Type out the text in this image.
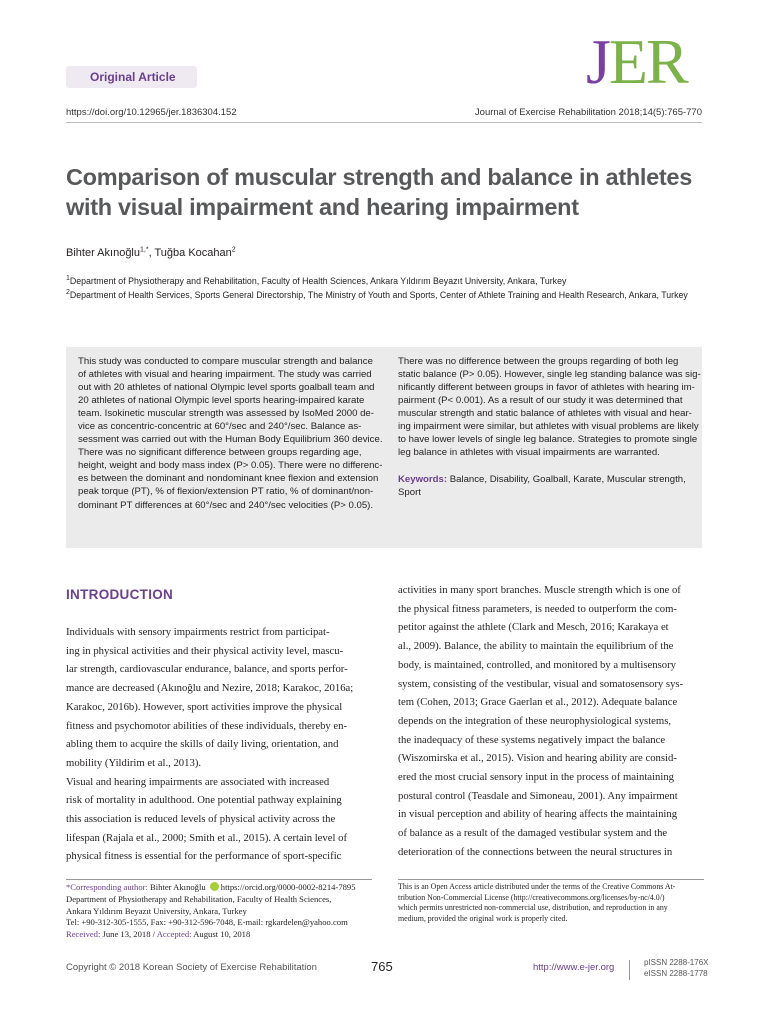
Original Article	JER
https://doi.org/10.12965/jer.1836304.152	Journal of Exercise Rehabilitation 2018;14(5):765-770
Comparison of muscular strength and balance in athletes
with visual impairment and hearing impairment
Bihter Akınoğlu$^{1,*}$, Tuğba Kocahan$^2$
$^1$Department of Physiotherapy and Rehabilitation, Faculty of Health Sciences, Ankara Yıldırım Beyazıt University, Ankara, Turkey
$^2$Department of Health Services, Sports General Directorship, The Ministry of Youth and Sports, Center of Athlete Training and Health Research, Ankara, Turkey
This study was conducted to compare muscular strength and balance
of athletes with visual and hearing impairment. The study was carried
out with 20 athletes of national Olympic level sports goalball team and
20 athletes of national Olympic level sports hearing-impaired karate
team. Isokinetic muscular strength was assessed by IsoMed 2000 de-
vice as concentric-concentric at 60°/sec and 240°/sec. Balance as-
sessment was carried out with the Human Body Equilibrium 360 device.
There was no significant difference between groups regarding age,
height, weight and body mass index (P> 0.05). There were no differenc-
es between the dominant and nondominant knee flexion and extension
peak torque (PT), % of flexion/extension PT ratio, % of dominant/non-
dominant PT differences at 60°/sec and 240°/sec velocities (P> 0.05).
There was no difference between the groups regarding of both leg
static balance (P> 0.05). However, single leg standing balance was sig-
nificantly different between groups in favor of athletes with hearing im-
pairment (P< 0.001). As a result of our study it was determined that
muscular strength and static balance of athletes with visual and hear-
ing impairment were similar, but athletes with visual problems are likely
to have lower levels of single leg balance. Strategies to promote single
leg balance in athletes with visual impairments are warranted.
Keywords: Balance, Disability, Goalball, Karate, Muscular strength,
Sport
INTRODUCTION
Individuals with sensory impairments restrict from participat-
ing in physical activities and their physical activity level, mascu-
lar strength, cardiovascular endurance, balance, and sports perfor-
mance are decreased (Akınoğlu and Nezire, 2018; Karakoc, 2016a;
Karakoc, 2016b). However, sport activities improve the physical
fitness and psychomotor abilities of these individuals, thereby en-
abling them to acquire the skills of daily living, orientation, and
mobility (Yildirim et al., 2013).
Visual and hearing impairments are associated with increased
risk of mortality in adulthood. One potential pathway explaining
this association is reduced levels of physical activity across the
lifespan (Rajala et al., 2000; Smith et al., 2015). A certain level of
physical fitness is essential for the performance of sport-specific
activities in many sport branches. Muscle strength which is one of
the physical fitness parameters, is needed to outperform the com-
petitor against the athlete (Clark and Mesch, 2016; Karakaya et
al., 2009). Balance, the ability to maintain the equilibrium of the
body, is maintained, controlled, and monitored by a multisensory
system, consisting of the vestibular, visual and somatosensory sys-
tem (Cohen, 2013; Grace Gaerlan et al., 2012). Adequate balance
depends on the integration of these neurophysiological systems,
the inadequacy of these systems negatively impact the balance
(Wiszomirska et al., 2015). Vision and hearing ability are consid-
ered the most crucial sensory input in the process of maintaining
postural control (Teasdale and Simoneau, 2001). Any impairment
in visual perception and ability of hearing affects the maintaining
of balance as a result of the damaged vestibular system and the
deterioration of the connections between the neural structures in
*Corresponding author: Bihter Akınoğlu https://orcid.org/0000-0002-8214-7895
Department of Physiotherapy and Rehabilitation, Faculty of Health Sciences,
Ankara Yıldırım Beyazıt University, Ankara, Turkey
Tel: +90-312-305-1555, Fax: +90-312-596-7048, E-mail: rgkardelen@yahoo.com
Received: June 13, 2018 / Accepted: August 10, 2018
This is an Open Access article distributed under the terms of the Creative Commons At-
tribution Non-Commercial License (http://creativecommons.org/licenses/by-nc/4.0/)
which permits unrestricted non-commercial use, distribution, and reproduction in any
medium, provided the original work is properly cited.
Copyright © 2018 Korean Society of Exercise Rehabilitation	765	http://www.e-jer.org	pISSN 2288-176X
eISSN 2288-1778
